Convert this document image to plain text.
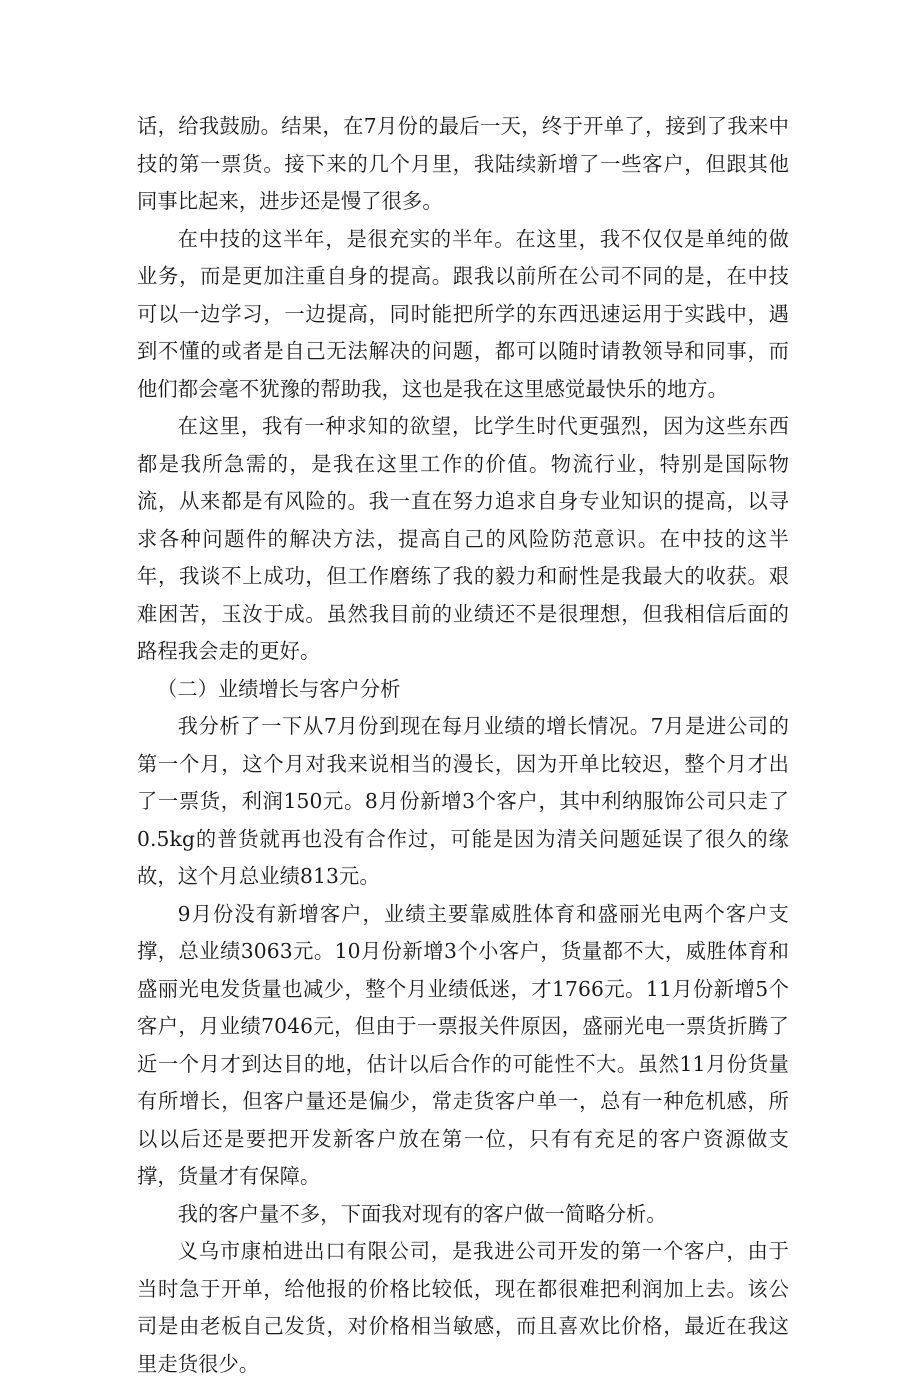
话，给我鼓励。结果，在7月份的最后一天，终于开单了，接到了我来中技的第一票货。接下来的几个月里，我陆续新增了一些客户，但跟其他同事比起来，进步还是慢了很多。

在中技的这半年，是很充实的半年。在这里，我不仅仅是单纯的做业务，而是更加注重自身的提高。跟我以前所在公司不同的是，在中技可以一边学习，一边提高，同时能把所学的东西迅速运用于实践中，遇到不懂的或者是自己无法解决的问题，都可以随时请教领导和同事，而他们都会毫不犹豫的帮助我，这也是我在这里感觉最快乐的地方。

在这里，我有一种求知的欲望，比学生时代更强烈，因为这些东西都是我所急需的，是我在这里工作的价值。物流行业，特别是国际物流，从来都是有风险的。我一直在努力追求自身专业知识的提高，以寻求各种问题件的解决方法，提高自己的风险防范意识。在中技的这半年，我谈不上成功，但工作磨练了我的毅力和耐性是我最大的收获。艰难困苦，玉汝于成。虽然我目前的业绩还不是很理想，但我相信后面的路程我会走的更好。

（二）业绩增长与客户分析

我分析了一下从7月份到现在每月业绩的增长情况。7月是进公司的第一个月，这个月对我来说相当的漫长，因为开单比较迟，整个月才出了一票货，利润150元。8月份新增3个客户，其中利纳服饰公司只走了0.5kg的普货就再也没有合作过，可能是因为清关问题延误了很久的缘故，这个月总业绩813元。

9月份没有新增客户，业绩主要靠威胜体育和盛丽光电两个客户支撑，总业绩3063元。10月份新增3个小客户，货量都不大，威胜体育和盛丽光电发货量也减少，整个月业绩低迷，才1766元。11月份新增5个客户，月业绩7046元，但由于一票报关件原因，盛丽光电一票货折腾了近一个月才到达目的地，估计以后合作的可能性不大。虽然11月份货量有所增长，但客户量还是偏少，常走货客户单一，总有一种危机感，所以以后还是要把开发新客户放在第一位，只有有充足的客户资源做支撑，货量才有保障。

我的客户量不多，下面我对现有的客户做一简略分析。

义乌市康柏进出口有限公司，是我进公司开发的第一个客户，由于当时急于开单，给他报的价格比较低，现在都很难把利润加上去。该公司是由老板自己发货，对价格相当敏感，而且喜欢比价格，最近在我这里走货很少。
